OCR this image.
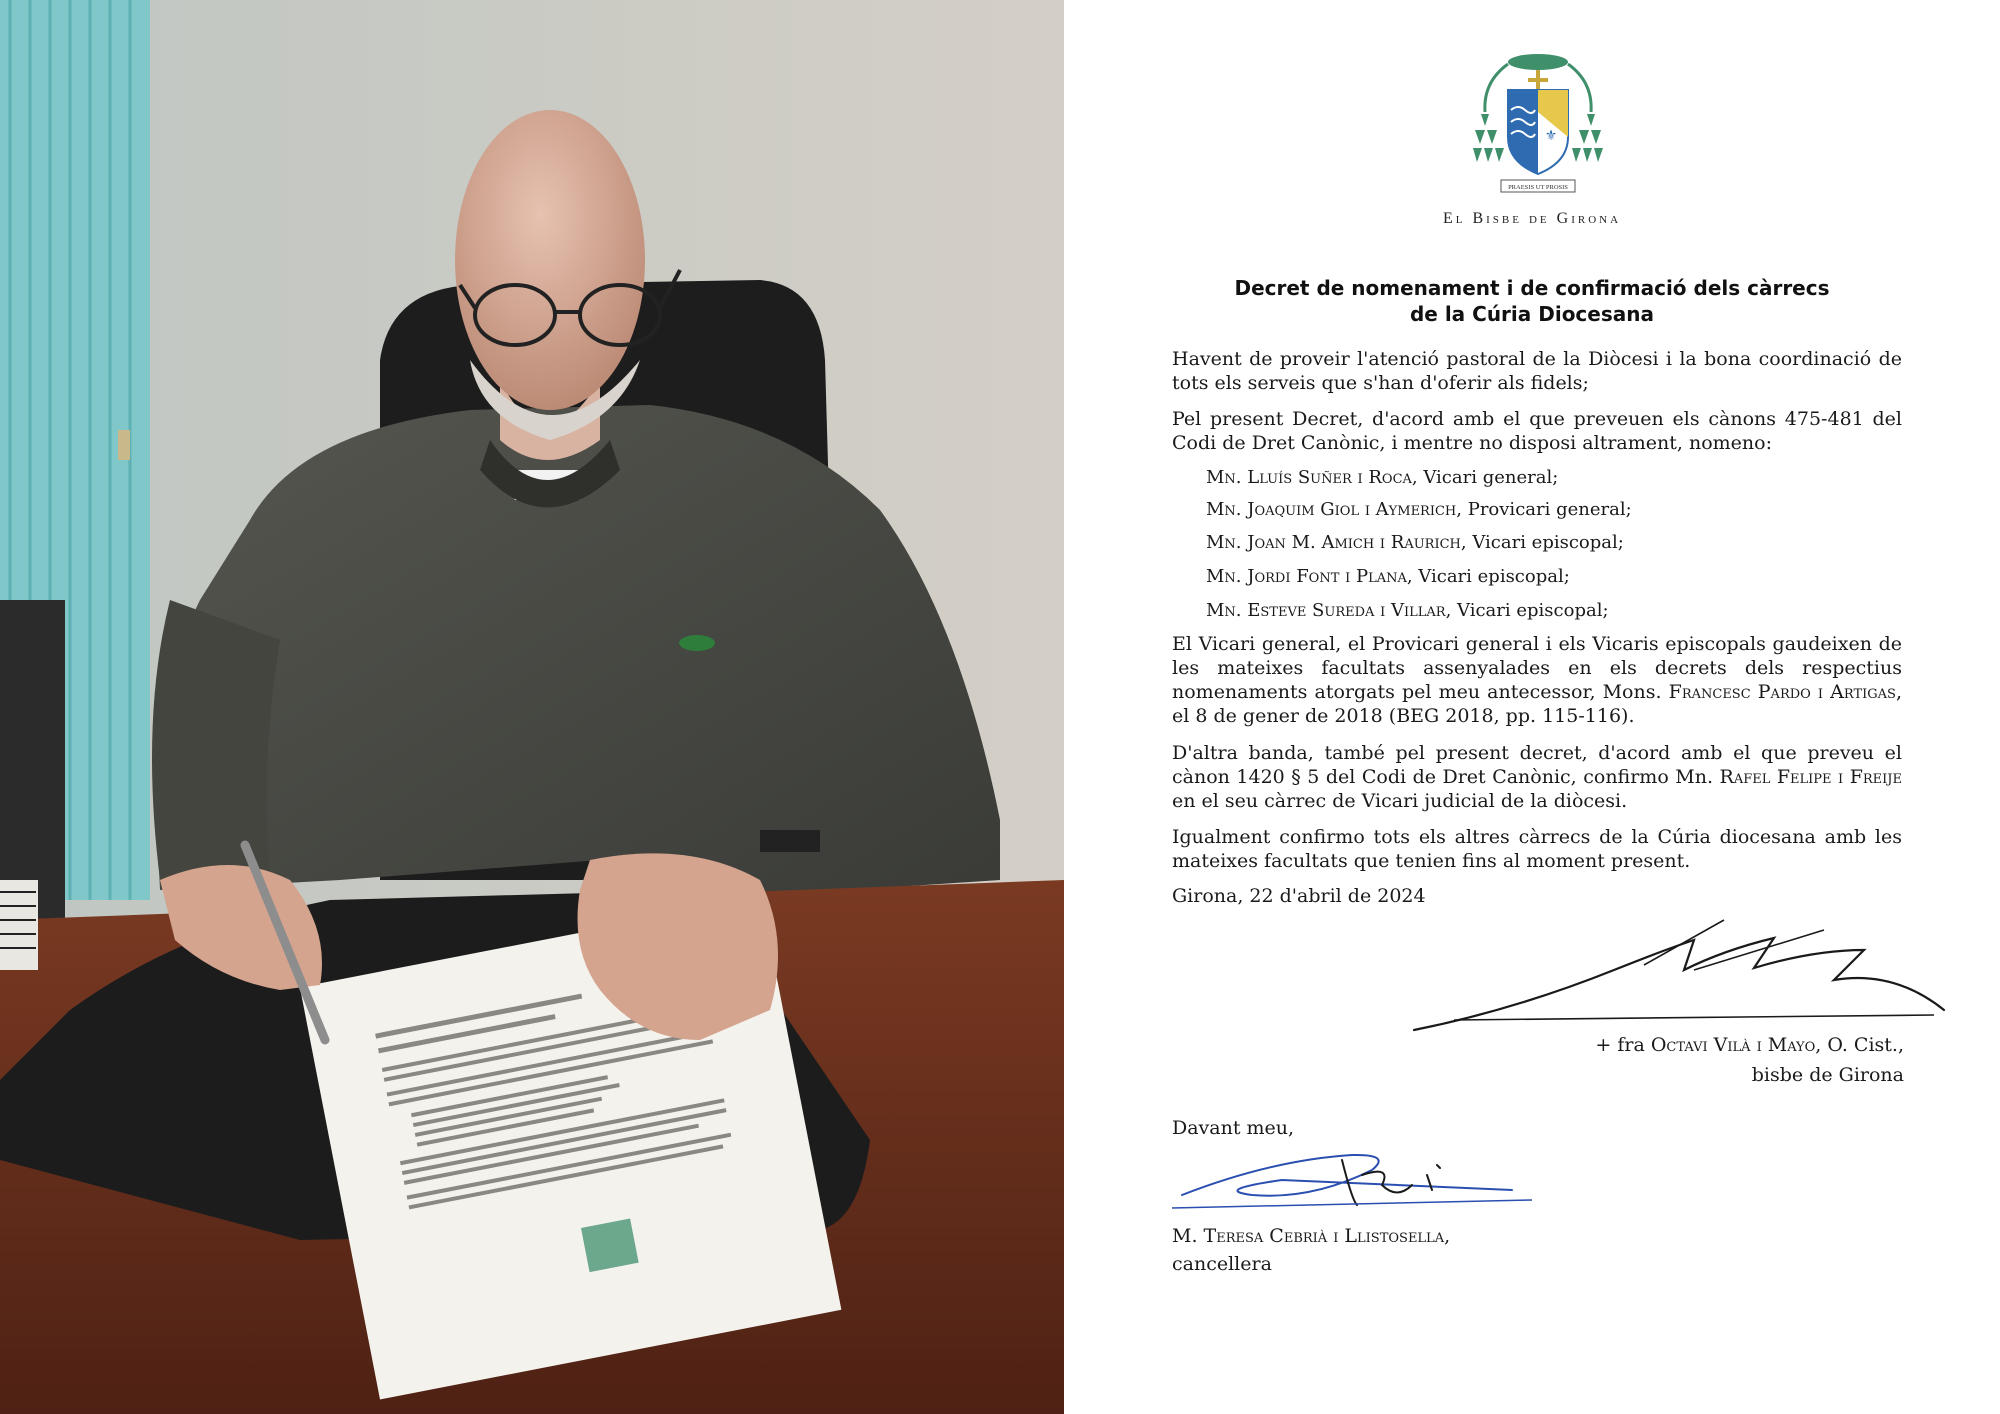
⚜
PRAESIS UT PROSIS
El Bisbe de Girona
Decret de nomenament i de confirmació dels càrrecs
de la Cúria Diocesana
Havent de proveir l'atenció pastoral de la Diòcesi i la bona coordinació de tots els serveis que s'han d'oferir als fidels;
Pel present Decret, d'acord amb el que preveuen els cànons 475-481 del Codi de Dret Canònic, i mentre no disposi altrament, nomeno:
Mn. Lluís Suñer i Roca, Vicari general;
Mn. Joaquim Giol i Aymerich, Provicari general;
Mn. Joan M. Amich i Raurich, Vicari episcopal;
Mn. Jordi Font i Plana, Vicari episcopal;
Mn. Esteve Sureda i Villar, Vicari episcopal;
El Vicari general, el Provicari general i els Vicaris episcopals gaudeixen de les mateixes facultats assenyalades en els decrets dels respectius nomenaments atorgats pel meu antecessor, Mons. Francesc Pardo i Artigas, el 8 de gener de 2018 (BEG 2018, pp. 115-116).
D'altra banda, també pel present decret, d'acord amb el que preveu el cànon 1420 § 5 del Codi de Dret Canònic, confirmo Mn. Rafel Felipe i Freije en el seu càrrec de Vicari judicial de la diòcesi.
Igualment confirmo tots els altres càrrecs de la Cúria diocesana amb les mateixes facultats que tenien fins al moment present.
Girona, 22 d'abril de 2024
+ fra Octavi Vilà i Mayo, O. Cist.,
bisbe de Girona
Davant meu,
M. Teresa Cebrià i Llistosella,
cancellera
